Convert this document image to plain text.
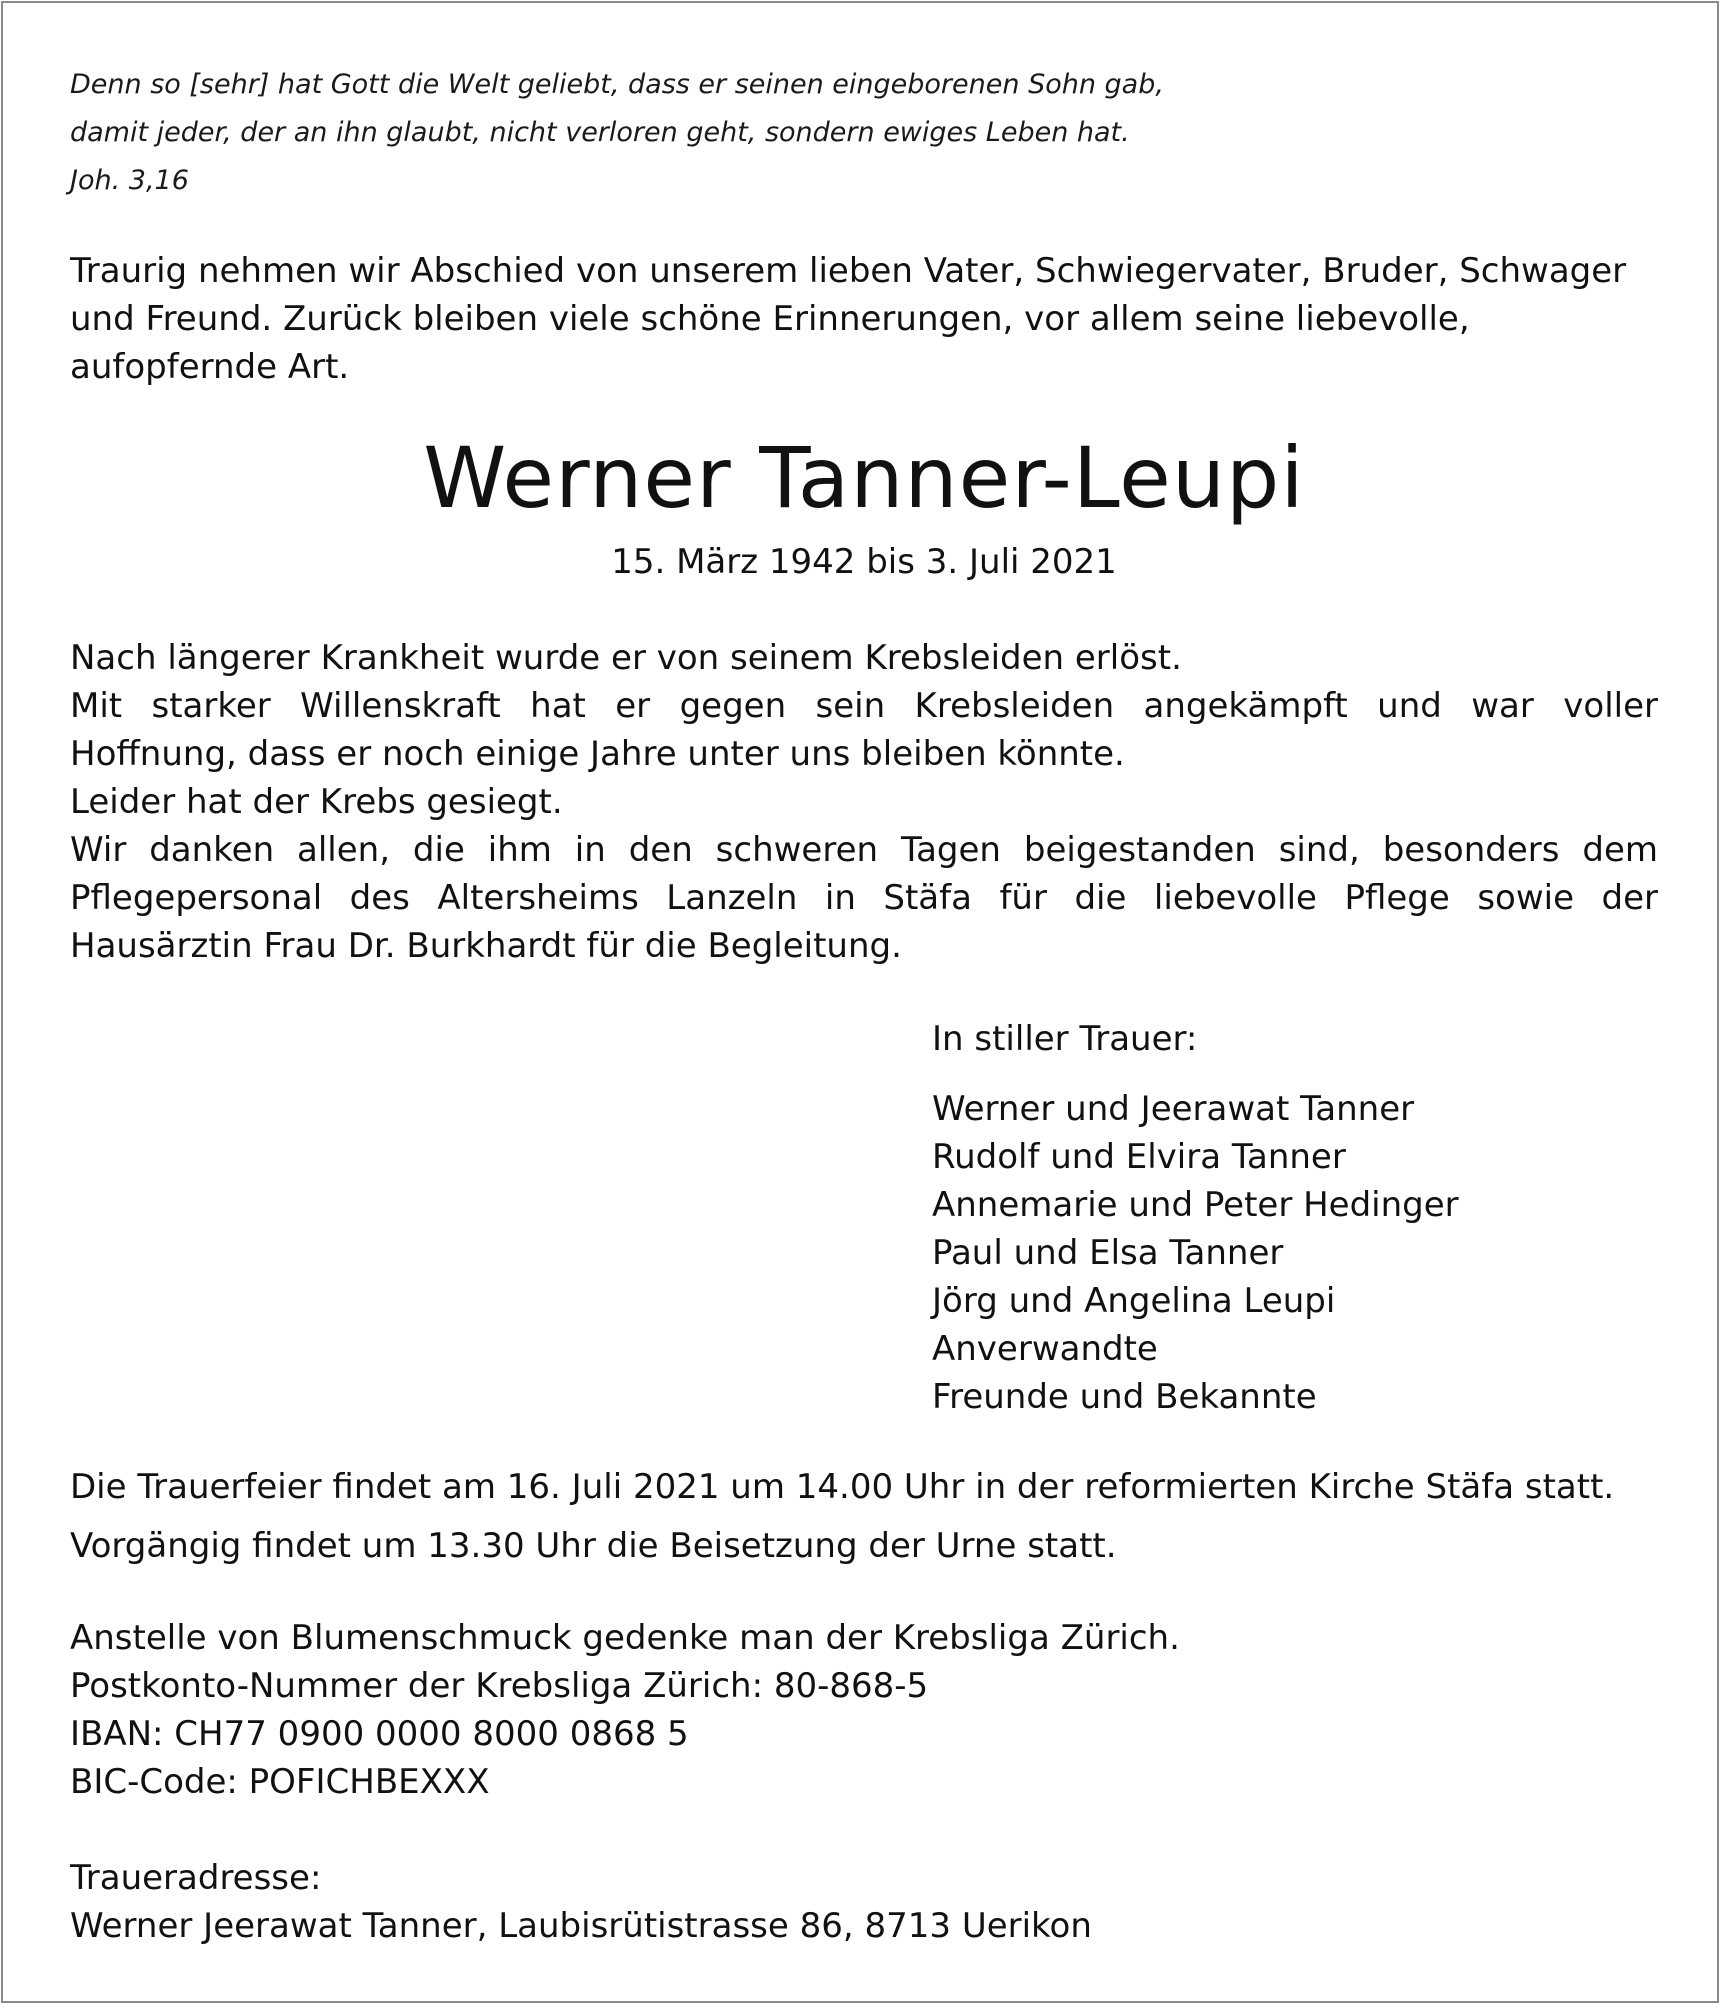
Denn so [sehr] hat Gott die Welt geliebt, dass er seinen eingeborenen Sohn gab,
damit jeder, der an ihn glaubt, nicht verloren geht, sondern ewiges Leben hat.
Joh. 3,16
Traurig nehmen wir Abschied von unserem lieben Vater, Schwiegervater, Bruder, Schwager
und Freund. Zurück bleiben viele schöne Erinnerungen, vor allem seine liebevolle,
aufopfernde Art.
Werner Tanner-Leupi
15. März 1942 bis 3. Juli 2021
Nach längerer Krankheit wurde er von seinem Krebsleiden erlöst.
Mit starker Willenskraft hat er gegen sein Krebsleiden angekämpft und war voller
Hoffnung, dass er noch einige Jahre unter uns bleiben könnte.
Leider hat der Krebs gesiegt.
Wir danken allen, die ihm in den schweren Tagen beigestanden sind, besonders dem
Pflegepersonal des Altersheims Lanzeln in Stäfa für die liebevolle Pflege sowie der
Hausärztin Frau Dr. Burkhardt für die Begleitung.
In stiller Trauer:
Werner und Jeerawat Tanner
Rudolf und Elvira Tanner
Annemarie und Peter Hedinger
Paul und Elsa Tanner
Jörg und Angelina Leupi
Anverwandte
Freunde und Bekannte
Die Trauerfeier findet am 16. Juli 2021 um 14.00 Uhr in der reformierten Kirche Stäfa statt.
Vorgängig findet um 13.30 Uhr die Beisetzung der Urne statt.
Anstelle von Blumenschmuck gedenke man der Krebsliga Zürich.
Postkonto-Nummer der Krebsliga Zürich: 80-868-5
IBAN: CH77 0900 0000 8000 0868 5
BIC-Code: POFICHBEXXX
Traueradresse:
Werner Jeerawat Tanner, Laubisrütistrasse 86, 8713 Uerikon
